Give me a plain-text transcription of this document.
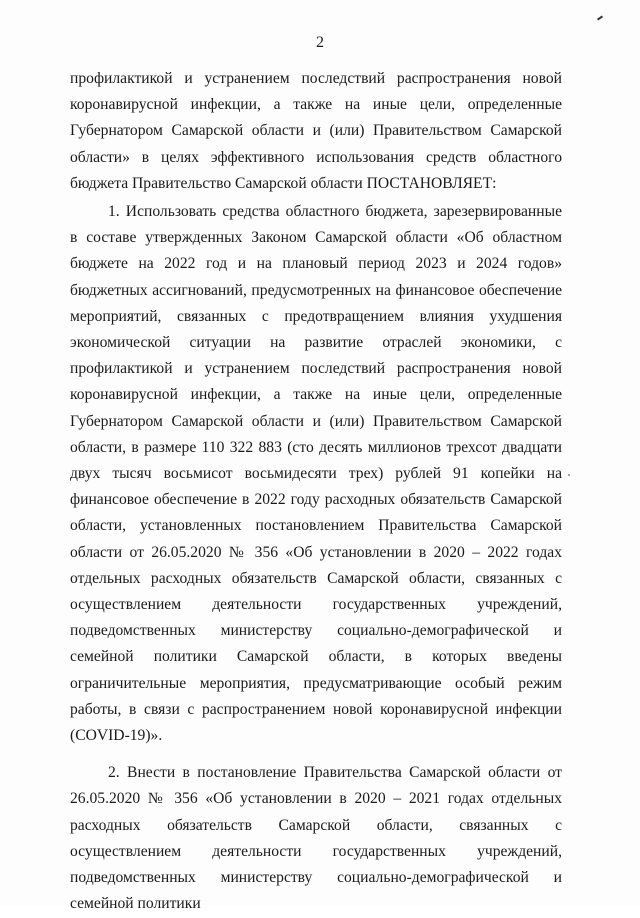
2

профилактикой и устранением последствий распространения новой коронавирусной инфекции, а также на иные цели, определенные Губернатором Самарской области и (или) Правительством Самарской области» в целях эффективного использования средств областного бюджета Правительство Самарской области ПОСТАНОВЛЯЕТ:

1. Использовать средства областного бюджета, зарезервированные в составе утвержденных Законом Самарской области «Об областном бюджете на 2022 год и на плановый период 2023 и 2024 годов» бюджетных ассигнований, предусмотренных на финансовое обеспечение мероприятий, связанных с предотвращением влияния ухудшения экономической ситуации на развитие отраслей экономики, с профилактикой и устранением последствий распространения новой коронавирусной инфекции, а также на иные цели, определенные Губернатором Самарской области и (или) Правительством Самарской области, в размере 110 322 883 (сто десять миллионов трехсот двадцати двух тысяч восьмисот восьмидесяти трех) рублей 91 копейки на финансовое обеспечение в 2022 году расходных обязательств Самарской области, установленных постановлением Правительства Самарской области от 26.05.2020 № 356 «Об установлении в 2020 – 2022 годах отдельных расходных обязательств Самарской области, связанных с осуществлением деятельности государственных учреждений, подведомственных министерству социально-демографической и семейной политики Самарской области, в которых введены ограничительные мероприятия, предусматривающие особый режим работы, в связи с распространением новой коронавирусной инфекции (COVID-19)».

2. Внести в постановление Правительства Самарской области от 26.05.2020 № 356 «Об установлении в 2020 – 2021 годах отдельных расходных обязательств Самарской области, связанных с осуществлением деятельности государственных учреждений, подведомственных министерству социально-демографической и семейной политики
